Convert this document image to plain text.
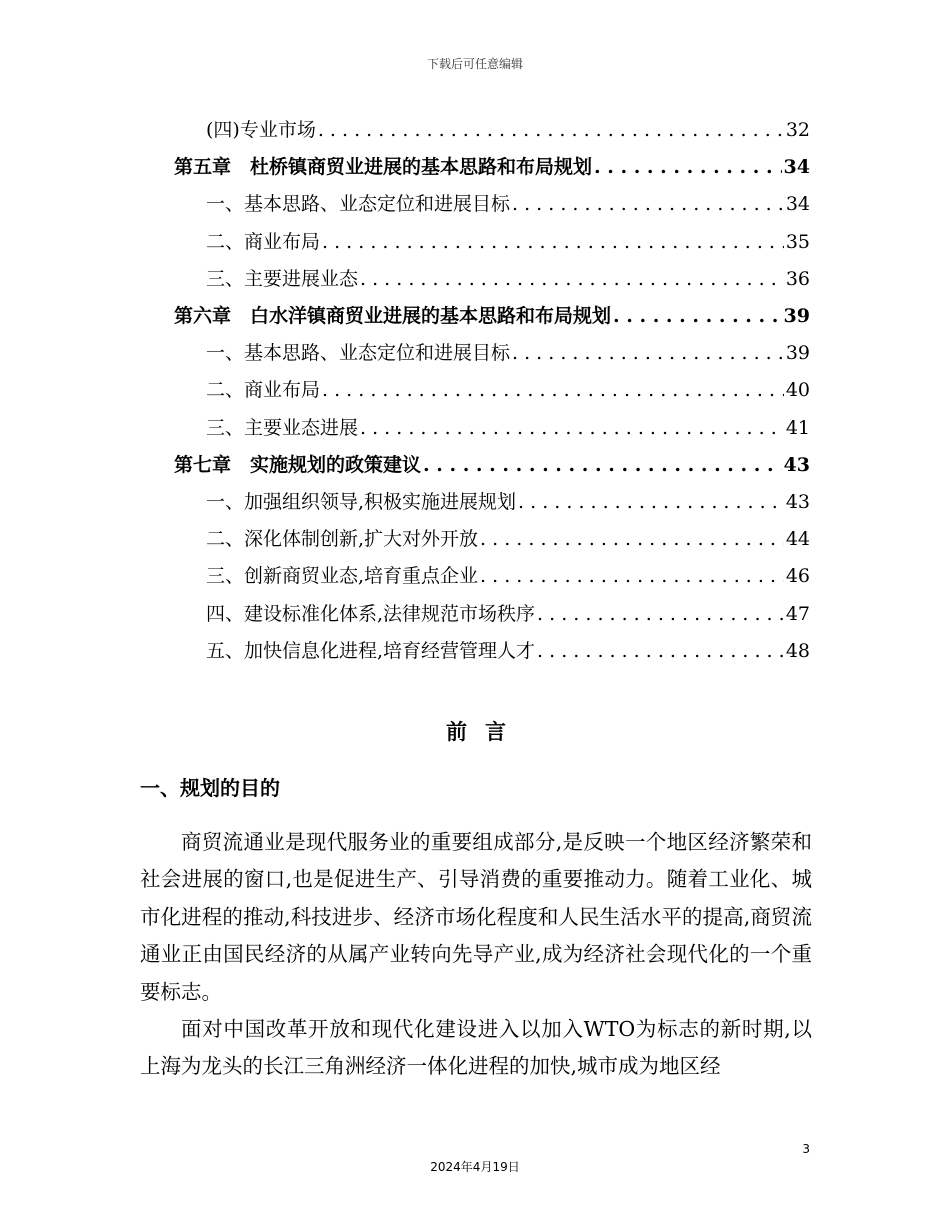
下载后可任意编辑
(四)专业市场 . . .	32
第五章　杜桥镇商贸业进展的基本思路和布局规划 . . .	34
一、基本思路、业态定位和进展目标 . . .	34
二、商业布局 . . .	35
三、主要进展业态 . . .	36
第六章　白水洋镇商贸业进展的基本思路和布局规划 . . .	39
一、基本思路、业态定位和进展目标 . . .	39
二、商业布局 . . .	40
三、主要业态进展 . . .	41
第七章　实施规划的政策建议 . . .	43
一、加强组织领导,积极实施进展规划 . . .	43
二、深化体制创新,扩大对外开放 . . .	44
三、创新商贸业态,培育重点企业 . . .	46
四、建设标准化体系,法律规范市场秩序 . . .	47
五、加快信息化进程,培育经营管理人才 . . .	48
前言
一、规划的目的

商贸流通业是现代服务业的重要组成部分,是反映一个地区经济繁荣和社会进展的窗口,也是促进生产、引导消费的重要推动力。随着工业化、城市化进程的推动,科技进步、经济市场化程度和人民生活水平的提高,商贸流通业正由国民经济的从属产业转向先导产业,成为经济社会现代化的一个重要标志。

面对中国改革开放和现代化建设进入以加入WTO为标志的新时期,以上海为龙头的长江三角洲经济一体化进程的加快,城市成为地区经

3
2024年4月19日
